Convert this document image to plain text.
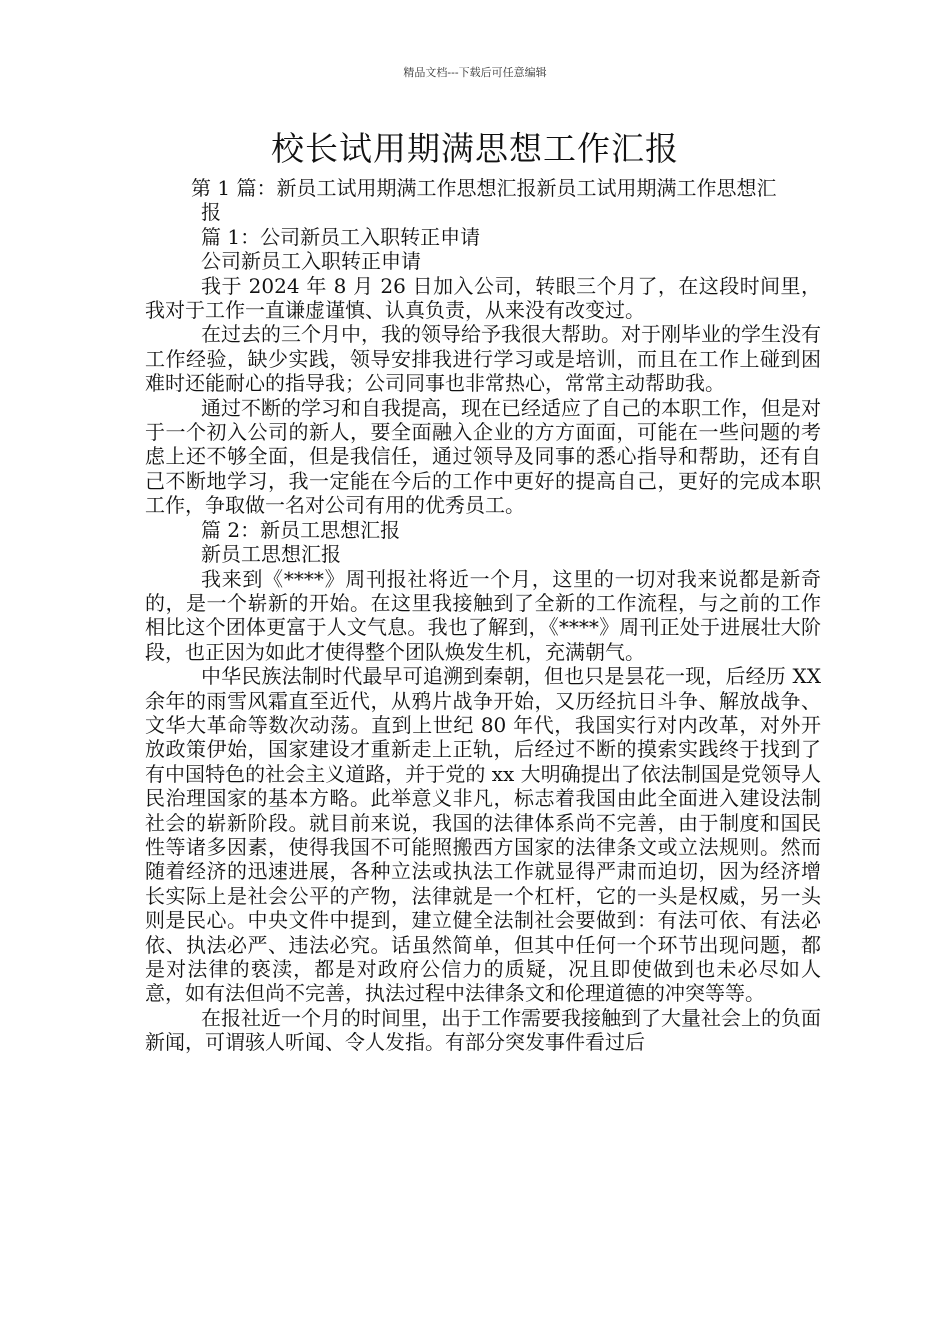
精品文档---下载后可任意编辑
校长试用期满思想工作汇报

第 1 篇：新员工试用期满工作思想汇报新员工试用期满工作思想汇

报

篇 1：公司新员工入职转正申请

公司新员工入职转正申请

我于 2024 年 8 月 26 日加入公司，转眼三个月了，在这段时间里，我对于工作一直谦虚谨慎、认真负责，从来没有改变过。

在过去的三个月中，我的领导给予我很大帮助。对于刚毕业的学生没有工作经验，缺少实践，领导安排我进行学习或是培训，而且在工作上碰到困难时还能耐心的指导我；公司同事也非常热心，常常主动帮助我。

通过不断的学习和自我提高，现在已经适应了自己的本职工作，但是对于一个初入公司的新人，要全面融入企业的方方面面，可能在一些问题的考虑上还不够全面，但是我信任，通过领导及同事的悉心指导和帮助，还有自己不断地学习，我一定能在今后的工作中更好的提高自己，更好的完成本职工作，争取做一名对公司有用的优秀员工。

篇 2：新员工思想汇报

新员工思想汇报

我来到《****》周刊报社将近一个月，这里的一切对我来说都是新奇的，是一个崭新的开始。在这里我接触到了全新的工作流程，与之前的工作相比这个团体更富于人文气息。我也了解到，《****》周刊正处于进展壮大阶段，也正因为如此才使得整个团队焕发生机，充满朝气。

中华民族法制时代最早可追溯到秦朝，但也只是昙花一现，后经历 XX 余年的雨雪风霜直至近代，从鸦片战争开始，又历经抗日斗争、解放战争、文华大革命等数次动荡。直到上世纪 80 年代，我国实行对内改革，对外开放政策伊始，国家建设才重新走上正轨，后经过不断的摸索实践终于找到了有中国特色的社会主义道路，并于党的 xx 大明确提出了依法制国是党领导人民治理国家的基本方略。此举意义非凡，标志着我国由此全面进入建设法制社会的崭新阶段。就目前来说，我国的法律体系尚不完善，由于制度和国民性等诸多因素，使得我国不可能照搬西方国家的法律条文或立法规则。然而随着经济的迅速进展，各种立法或执法工作就显得严肃而迫切，因为经济增长实际上是社会公平的产物，法律就是一个杠杆，它的一头是权威，另一头则是民心。中央文件中提到，建立健全法制社会要做到：有法可依、有法必依、执法必严、违法必究。话虽然简单，但其中任何一个环节出现问题，都是对法律的亵渎，都是对政府公信力的质疑，况且即使做到也未必尽如人意，如有法但尚不完善，执法过程中法律条文和伦理道德的冲突等等。

在报社近一个月的时间里，出于工作需要我接触到了大量社会上的负面新闻，可谓骇人听闻、令人发指。有部分突发事件看过后
